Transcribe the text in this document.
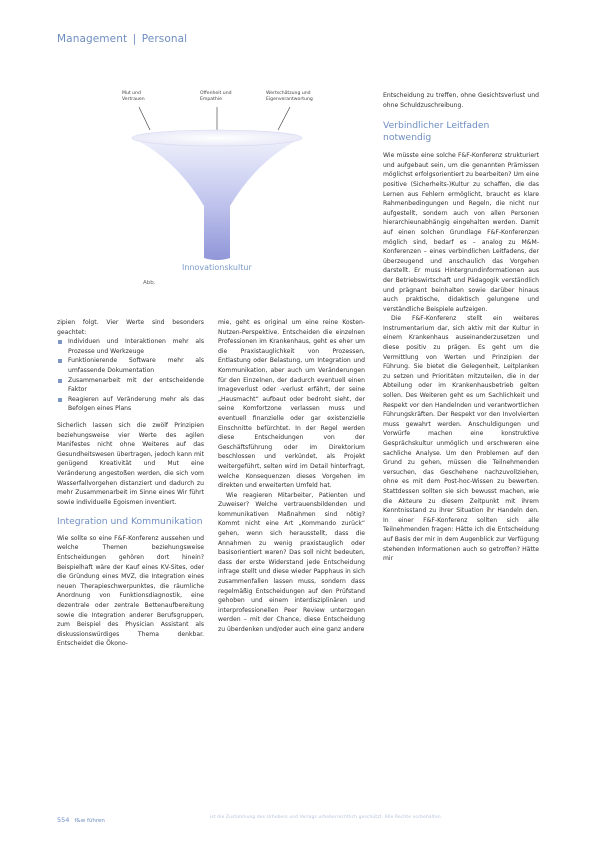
Management | Personal
Mut und
Vertrauen
Offenheit und
Empathie
Wertschätzung und
Eigenverantwortung
Innovationskultur
Abb.

zipien folgt. Vier Werte sind besonders geachtet:

Individuen und Interaktionen mehr als Prozesse und Werkzeuge
Funktionierende Software mehr als umfassende Dokumentation
Zusammenarbeit mit der entscheidende Faktor
Reagieren auf Veränderung mehr als das Befolgen eines Plans

Sicherlich lassen sich die zwölf Prinzipien beziehungsweise vier Werte des agilen Manifestes nicht ohne Weiteres auf das Gesundheitswesen übertragen, jedoch kann mit genügend Kreativität und Mut eine Veränderung angestoßen werden, die sich vom Wasserfallvorgehen distanziert und dadurch zu mehr Zusammenarbeit im Sinne eines Wir führt sowie individuelle Egoismen inventiert.

Integration und Kommunikation

Wie sollte so eine F&F-Konferenz aussehen und welche Themen beziehungsweise Entscheidungen gehören dort hinein? Beispielhaft wäre der Kauf eines KV-Sites, oder die Gründung eines MVZ, die Integration eines neuen Therapieschwerpunktes, die räumliche Anordnung von Funktionsdiagnostik, eine dezentrale oder zentrale Bettenaufbereitung sowie die Integration anderer Berufsgruppen, zum Beispiel des Physician Assistant als diskussionswürdiges Thema denkbar. Entscheidet die Ökono-

mie, geht es original um eine reine Kosten-Nutzen-Perspektive. Entscheiden die einzelnen Professionen im Krankenhaus, geht es eher um die Praxistauglichkeit von Prozessen, Entlastung oder Belastung, um Integration und Kommunikation, aber auch um Veränderungen für den Einzelnen, der dadurch eventuell einen Imageverlust oder -verlust erfährt, der seine „Hausmacht“ aufbaut oder bedroht sieht, der seine Komfortzone verlassen muss und eventuell finanzielle oder gar existenzielle Einschnitte befürchtet. In der Regel werden diese Entscheidungen von der Geschäftsführung oder im Direktorium beschlossen und verkündet, als Projekt weitergeführt, selten wird im Detail hinterfragt, welche Konsequenzen dieses Vorgehen im direkten und erweiterten Umfeld hat.

Wie reagieren Mitarbeiter, Patienten und Zuweiser? Welche vertrauensbildenden und kommunikativen Maßnahmen sind nötig? Kommt nicht eine Art „Kommando zurück“ gehen, wenn sich herausstellt, dass die Annahmen zu wenig praxistauglich oder basisorientiert waren? Das soll nicht bedeuten, dass der erste Widerstand jede Entscheidung infrage stellt und diese wieder Papphaus in sich zusammenfallen lassen muss, sondern dass regelmäßig Entscheidungen auf den Prüfstand gehoben und einem interdisziplinären und interprofessionellen Peer Review unterzogen werden – mit der Chance, diese Entscheidung zu überdenken und/oder auch eine ganz andere

Entscheidung zu treffen, ohne Gesichtsverlust und ohne Schuldzuschreibung.

Verbindlicher Leitfaden notwendig

Wie müsste eine solche F&F-Konferenz strukturiert und aufgebaut sein, um die genannten Prämissen möglichst erfolgsorientiert zu bearbeiten? Um eine positive (Sicherheits-)Kultur zu schaffen, die das Lernen aus Fehlern ermöglicht, braucht es klare Rahmenbedingungen und Regeln, die nicht nur aufgestellt, sondern auch von allen Personen hierarchieunabhängig eingehalten werden. Damit auf einen solchen Grundlage F&F-Konferenzen möglich sind, bedarf es – analog zu M&M-Konferenzen – eines verbindlichen Leitfadens, der überzeugend und anschaulich das Vorgehen darstellt. Er muss Hintergrundinformationen aus der Betriebswirtschaft und Pädagogik verständlich und prägnant beinhalten sowie darüber hinaus auch praktische, didaktisch gelungene und verständliche Beispiele aufzeigen.

Die F&F-Konferenz stellt ein weiteres Instrumentarium dar, sich aktiv mit der Kultur in einem Krankenhaus auseinanderzusetzen und diese positiv zu prägen. Es geht um die Vermittlung von Werten und Prinzipien der Führung. Sie bietet die Gelegenheit, Leitplanken zu setzen und Prioritäten mitzuteilen, die in der Abteilung oder im Krankenhausbetrieb gelten sollen. Des Weiteren geht es um Sachlichkeit und Respekt vor den Handelnden und verantwortlichen Führungskräften. Der Respekt vor den Involvierten muss gewahrt werden. Anschuldigungen und Vorwürfe machen eine konstruktive Gesprächskultur unmöglich und erschweren eine sachliche Analyse. Um den Problemen auf den Grund zu gehen, müssen die Teilnehmenden versuchen, das Geschehene nachzuvollziehen, ohne es mit dem Post-hoc-Wissen zu bewerten. Stattdessen sollten sie sich bewusst machen, wie die Akteure zu diesem Zeitpunkt mit ihrem Kenntnisstand zu ihrer Situation ihr Handeln den. In einer F&F-Konferenz sollten sich alle Teilnehmenden fragen: Hätte ich die Entscheidung auf Basis der mir in dem Augenblick zur Verfügung stehenden Informationen auch so getroffen? Hätte mir

ist die Zustimmung des Urhebers und Verlags urheberrechtlich geschützt. Alle Rechte vorbehalten.
554 f&w führen
